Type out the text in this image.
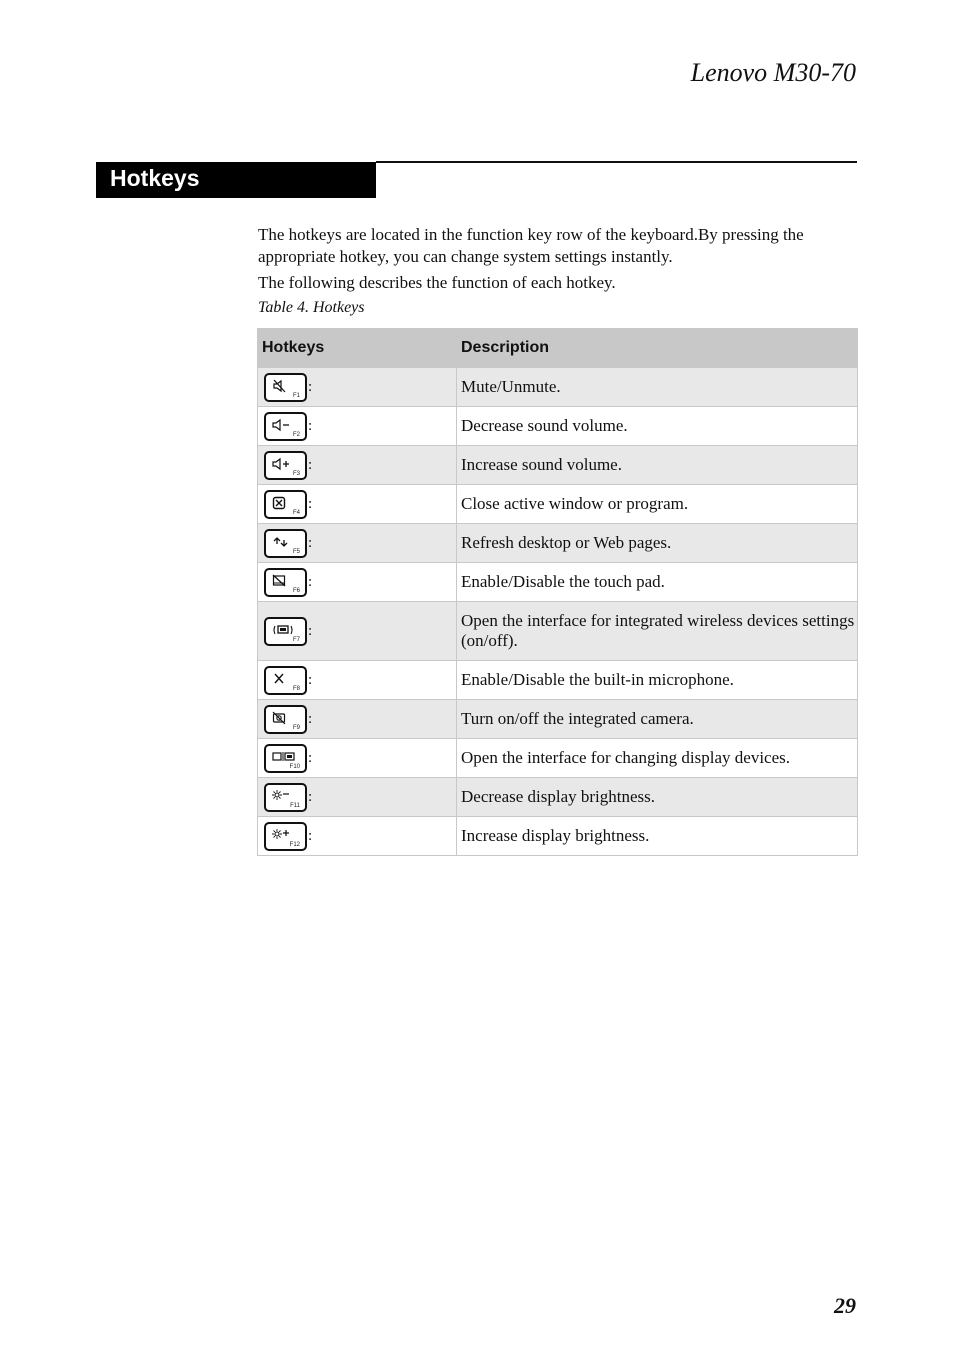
Lenovo M30-70
Hotkeys

The hotkeys are located in the function key row of the keyboard.By pressing the appropriate hotkey, you can change system settings instantly.

The following describes the function of each hotkey.

Table 4. Hotkeys
Hotkeys	Description

F1
:	Mute/Unmute.

F2
:	Decrease sound volume.

F3
:	Increase sound volume.

F4
:	Close active window or program.

F5
:	Refresh desktop or Web pages.

F6
:	Enable/Disable the touch pad.

F7
:	Open the interface for integrated wireless devices settings (on/off).

F8
:	Enable/Disable the built-in microphone.

F9
:	Turn on/off the integrated camera.

F10
:	Open the interface for changing display devices.

F11
:	Decrease display brightness.

F12
:	Increase display brightness.
29
